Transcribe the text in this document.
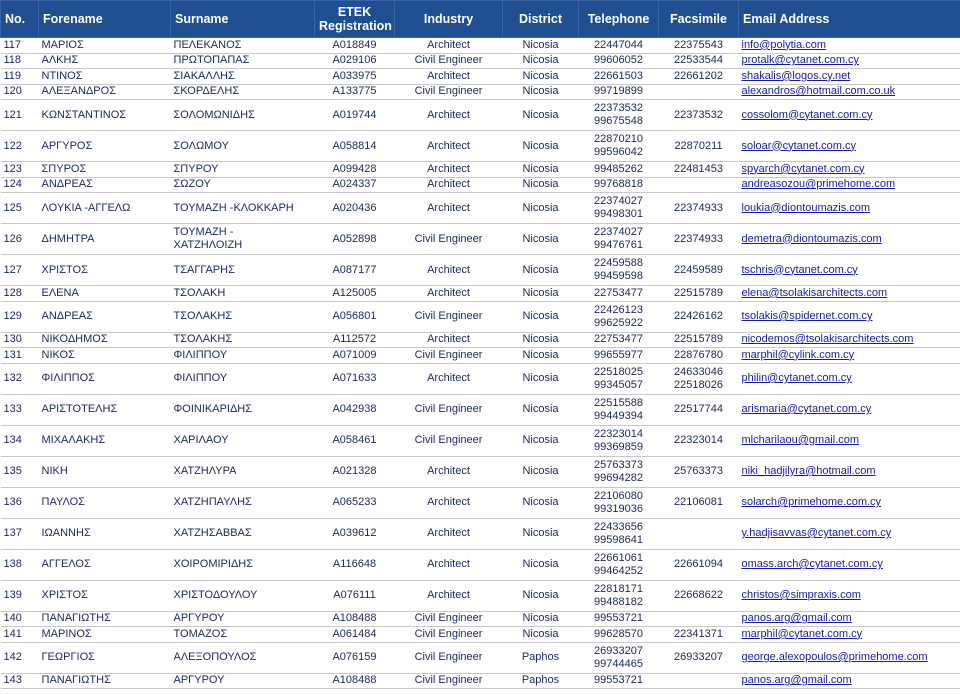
No.	Forename	Surname	ETEK Registration	Industry	District	Telephone	Facsimile	Email Address
117	ΜΑΡΙΟΣ	ΠΕΛΕΚΑΝΟΣ	Α018849	Architect	Nicosia	22447044	22375543	info@polytia.com
118	ΑΛΚΗΣ	ΠΡΩΤΟΠΑΠΑΣ	Α029106	Civil Engineer	Nicosia	99606052	22533544	protalk@cytanet.com.cy
119	ΝΤΙΝΟΣ	ΣΙΑΚΑΛΛΗΣ	Α033975	Architect	Nicosia	22661503	22661202	shakalis@logos.cy.net
120	ΑΛΕΞΑΝΔΡΟΣ	ΣΚΟΡΔΕΛΗΣ	Α133775	Civil Engineer	Nicosia	99719899		alexandros@hotmail.com.co.uk
121	ΚΩΝΣΤΑΝΤΙΝΟΣ	ΣΟΛΟΜΩΝΙΔΗΣ	Α019744	Architect	Nicosia	22373532
99675548	22373532	cossolom@cytanet.com.cy
122	ΑΡΓΥΡΟΣ	ΣΟΛΩΜΟΥ	Α058814	Architect	Nicosia	22870210
99596042	22870211	soloar@cytanet.com.cy
123	ΣΠΥΡΟΣ	ΣΠΥΡΟΥ	Α099428	Architect	Nicosia	99485262	22481453	spyarch@cytanet.com.cy
124	ΑΝΔΡΕΑΣ	ΣΩΖΟΥ	Α024337	Architect	Nicosia	99768818		andreasozou@primehome.com
125	ΛΟΥΚΙΑ -ΑΓΓΕΛΩ	ΤΟΥΜΑΖΗ -ΚΛΟΚΚΑΡΗ	Α020436	Architect	Nicosia	22374027
99498301	22374933	loukia@diontoumazis.com
126	ΔΗΜΗΤΡΑ	ΤΟΥΜΑΖΗ -
ΧΑΤΖΗΛΟΙΖΗ	Α052898	Civil Engineer	Nicosia	22374027
99476761	22374933	demetra@diontoumazis.com
127	ΧΡΙΣΤΟΣ	ΤΣΑΓΓΑΡΗΣ	Α087177	Architect	Nicosia	22459588
99459598	22459589	tschris@cytanet.com.cy
128	ΕΛΕΝΑ	ΤΣΟΛΑΚΗ	Α125005	Architect	Nicosia	22753477	22515789	elena@tsolakisarchitects.com
129	ΑΝΔΡΕΑΣ	ΤΣΟΛΑΚΗΣ	Α056801	Civil Engineer	Nicosia	22426123
99625922	22426162	tsolakis@spidernet.com.cy
130	ΝΙΚΟΔΗΜΟΣ	ΤΣΟΛΑΚΗΣ	Α112572	Architect	Nicosia	22753477	22515789	nicodemos@tsolakisarchitects.com
131	ΝΙΚΟΣ	ΦΙΛΙΠΠΟΥ	Α071009	Civil Engineer	Nicosia	99655977	22876780	marphil@cylink.com.cy
132	ΦΙΛΙΠΠΟΣ	ΦΙΛΙΠΠΟΥ	Α071633	Architect	Nicosia	22518025
99345057	24633046
22518026	philin@cytanet.com.cy
133	ΑΡΙΣΤΟΤΕΛΗΣ	ΦΟΙΝΙΚΑΡΙΔΗΣ	Α042938	Civil Engineer	Nicosia	22515588
99449394	22517744	arismaria@cytanet.com.cy
134	ΜΙΧΑΛΑΚΗΣ	ΧΑΡΙΛΑΟΥ	Α058461	Civil Engineer	Nicosia	22323014
99369859	22323014	mlcharilaou@gmail.com
135	ΝΙΚΗ	ΧΑΤΖΗΛΥΡΑ	Α021328	Architect	Nicosia	25763373
99694282	25763373	niki_hadjilyra@hotmail.com
136	ΠΑΥΛΟΣ	ΧΑΤΖΗΠΑΥΛΗΣ	Α065233	Architect	Nicosia	22106080
99319036	22106081	solarch@primehome.com.cy
137	ΙΩΑΝΝΗΣ	ΧΑΤΖΗΣΑΒΒΑΣ	Α039612	Architect	Nicosia	22433656
99598641		y.hadjisavvas@cytanet.com.cy
138	ΑΓΓΕΛΟΣ	ΧΟΙΡΟΜΙΡΙΔΗΣ	Α116648	Architect	Nicosia	22661061
99464252	22661094	omass.arch@cytanet.com.cy
139	ΧΡΙΣΤΟΣ	ΧΡΙΣΤΟΔΟΥΛΟΥ	Α076111	Architect	Nicosia	22818171
99488182	22668622	christos@simpraxis.com
140	ΠΑΝΑΓΙΩΤΗΣ	ΑΡΓΥΡΟΥ	Α108488	Civil Engineer	Nicosia	99553721		panos.arg@gmail.com
141	ΜΑΡΙΝΟΣ	ΤΟΜΑΖΟΣ	Α061484	Civil Engineer	Nicosia	99628570	22341371	marphil@cytanet.com.cy
142	ΓΕΩΡΓΙΟΣ	ΑΛΕΞΟΠΟΥΛΟΣ	Α076159	Civil Engineer	Paphos	26933207
99744465	26933207	george.alexopoulos@primehome.com
143	ΠΑΝΑΓΙΩΤΗΣ	ΑΡΓΥΡΟΥ	Α108488	Civil Engineer	Paphos	99553721		panos.arg@gmail.com
